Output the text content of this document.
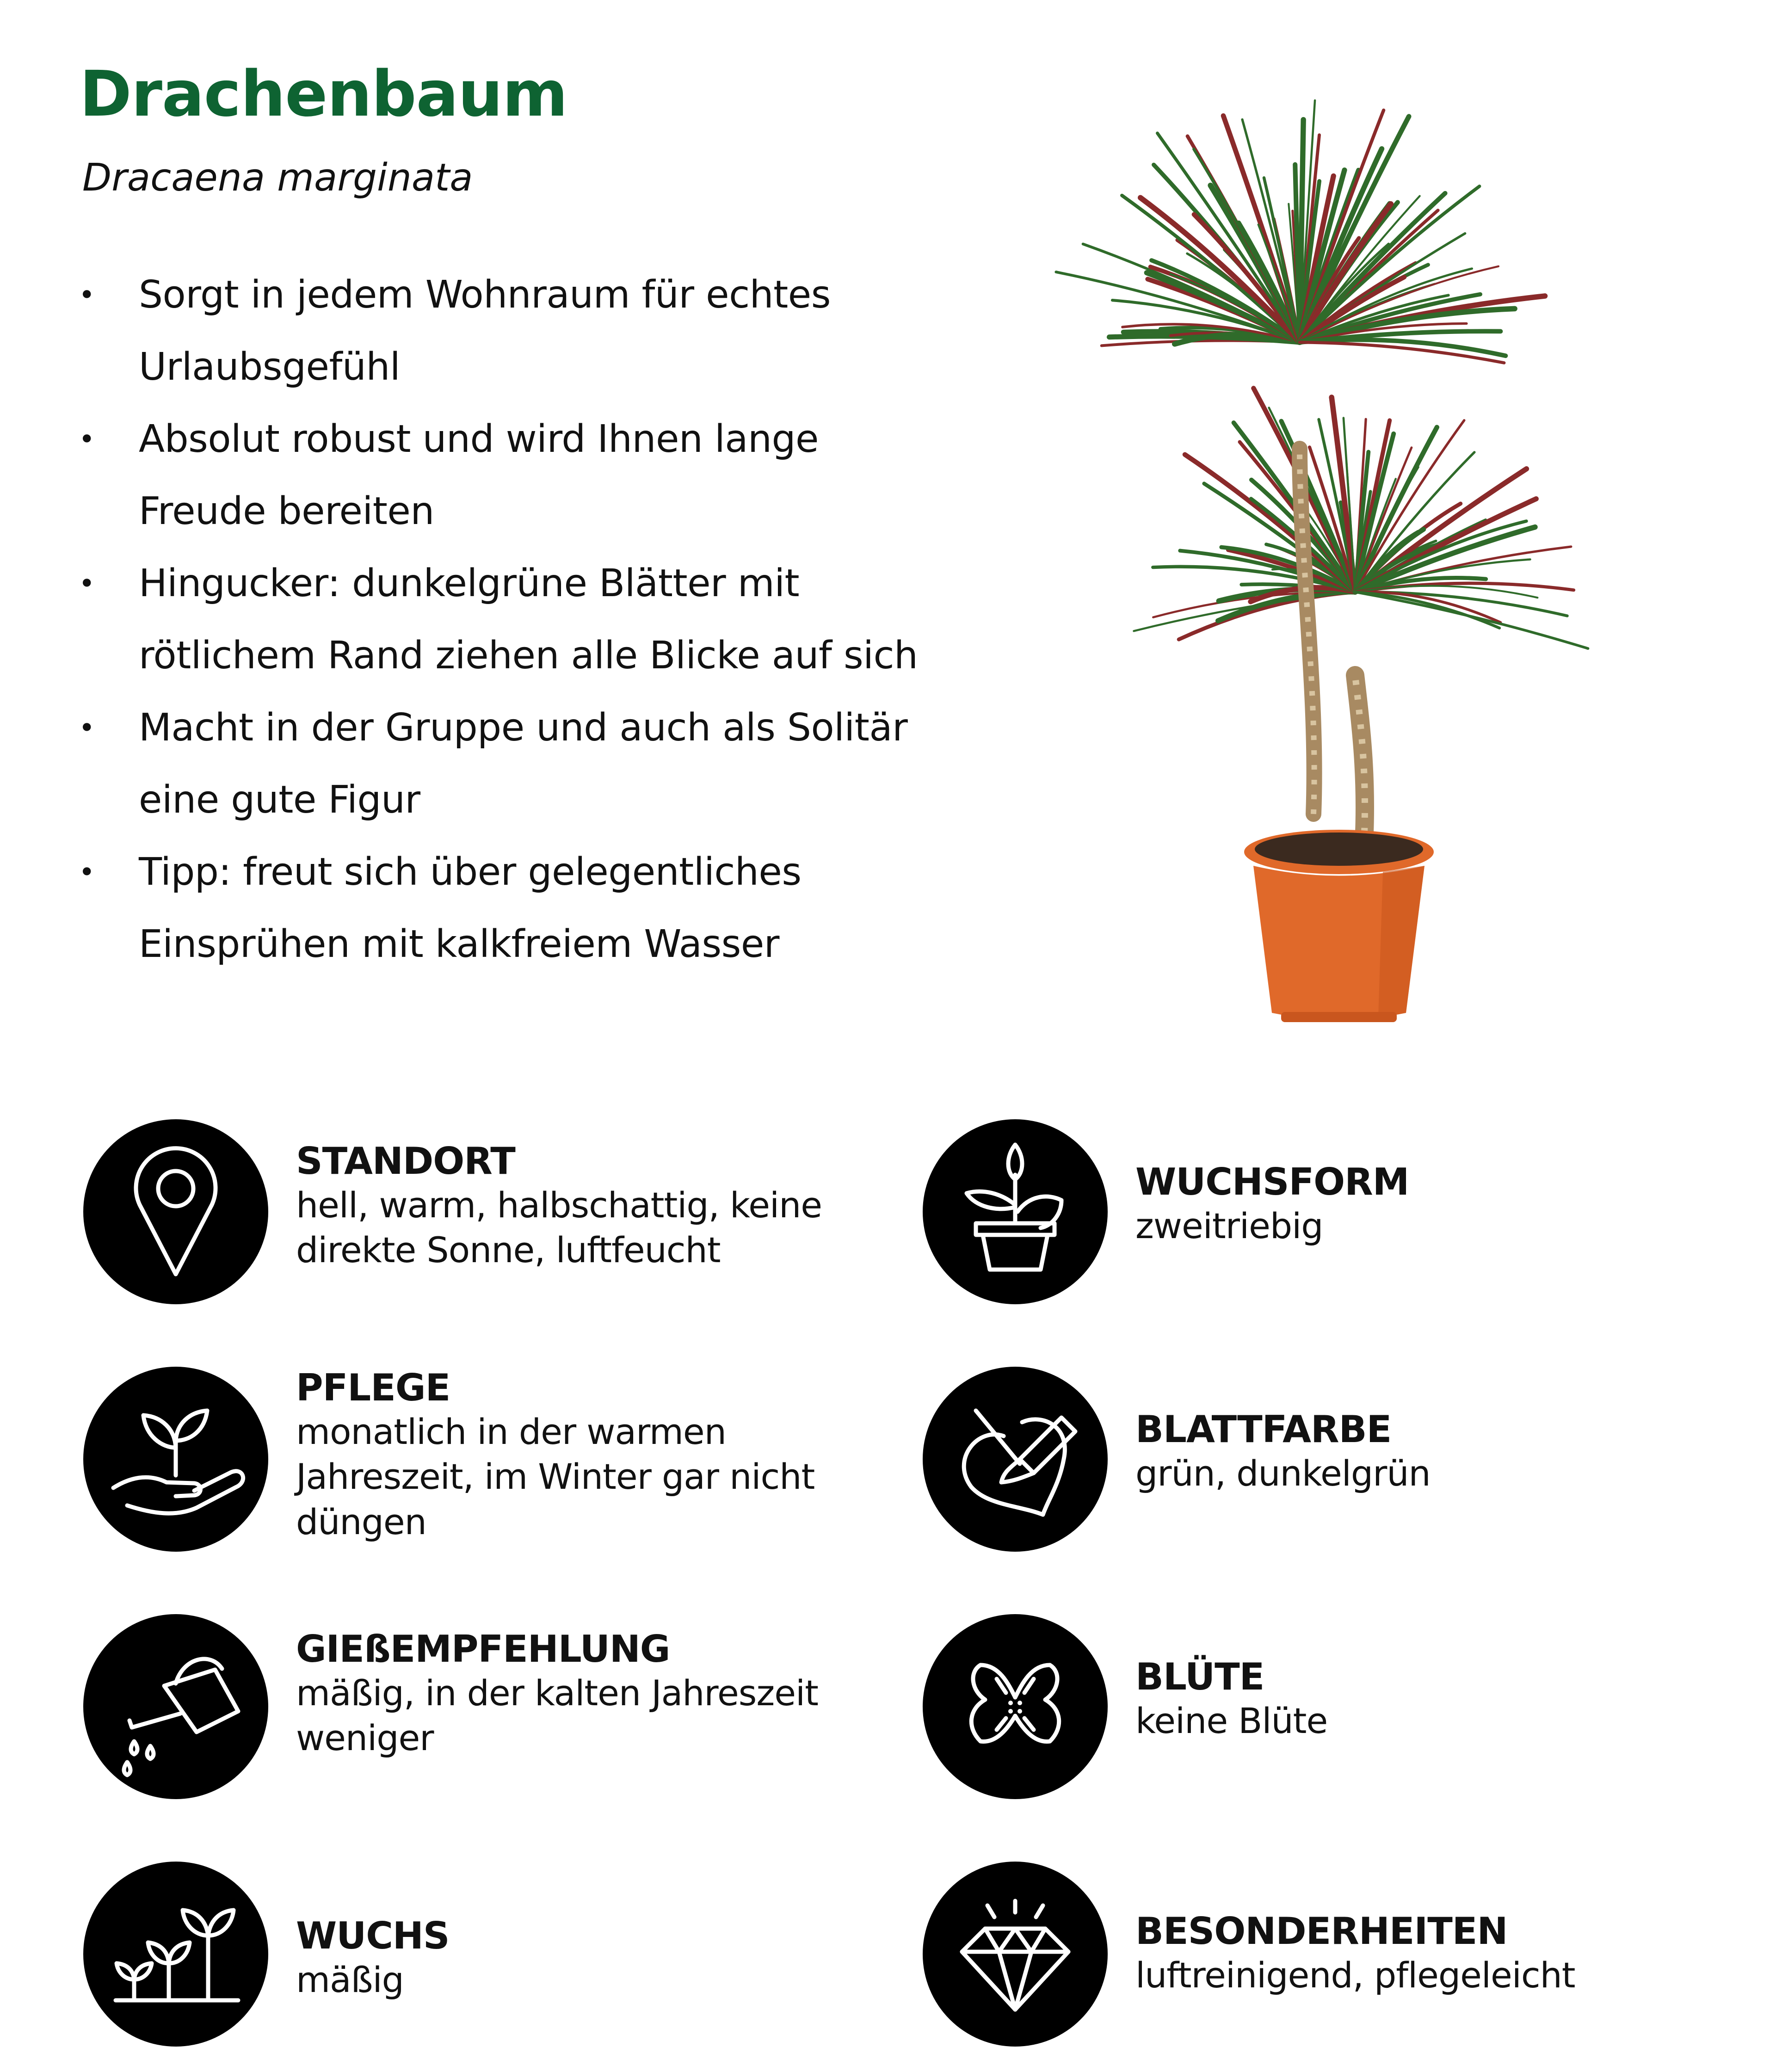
Drachenbaum

Dracaena marginata

• Sorgt in jedem Wohnraum für echtes Urlaubsgefühl
• Absolut robust und wird Ihnen lange Freude bereiten
• Hingucker: dunkelgrüne Blätter mit rötlichem Rand ziehen alle Blicke auf sich
• Macht in der Gruppe und auch als Solitär eine gute Figur
• Tipp: freut sich über gelegentliches Einsprühen mit kalkfreiem Wasser
STANDORT
hell, warm, halbschattig, keine direkte Sonne, luftfeucht
PFLEGE
monatlich in der warmen Jahreszeit, im Winter gar nicht düngen
GIEßEMPFEHLUNG
mäßig, in der kalten Jahreszeit weniger
WUCHS
mäßig
WUCHSFORM
zweitriebig
BLATTFARBE
grün, dunkelgrün
BLÜTE
keine Blüte
BESONDERHEITEN
luftreinigend, pflegeleicht
